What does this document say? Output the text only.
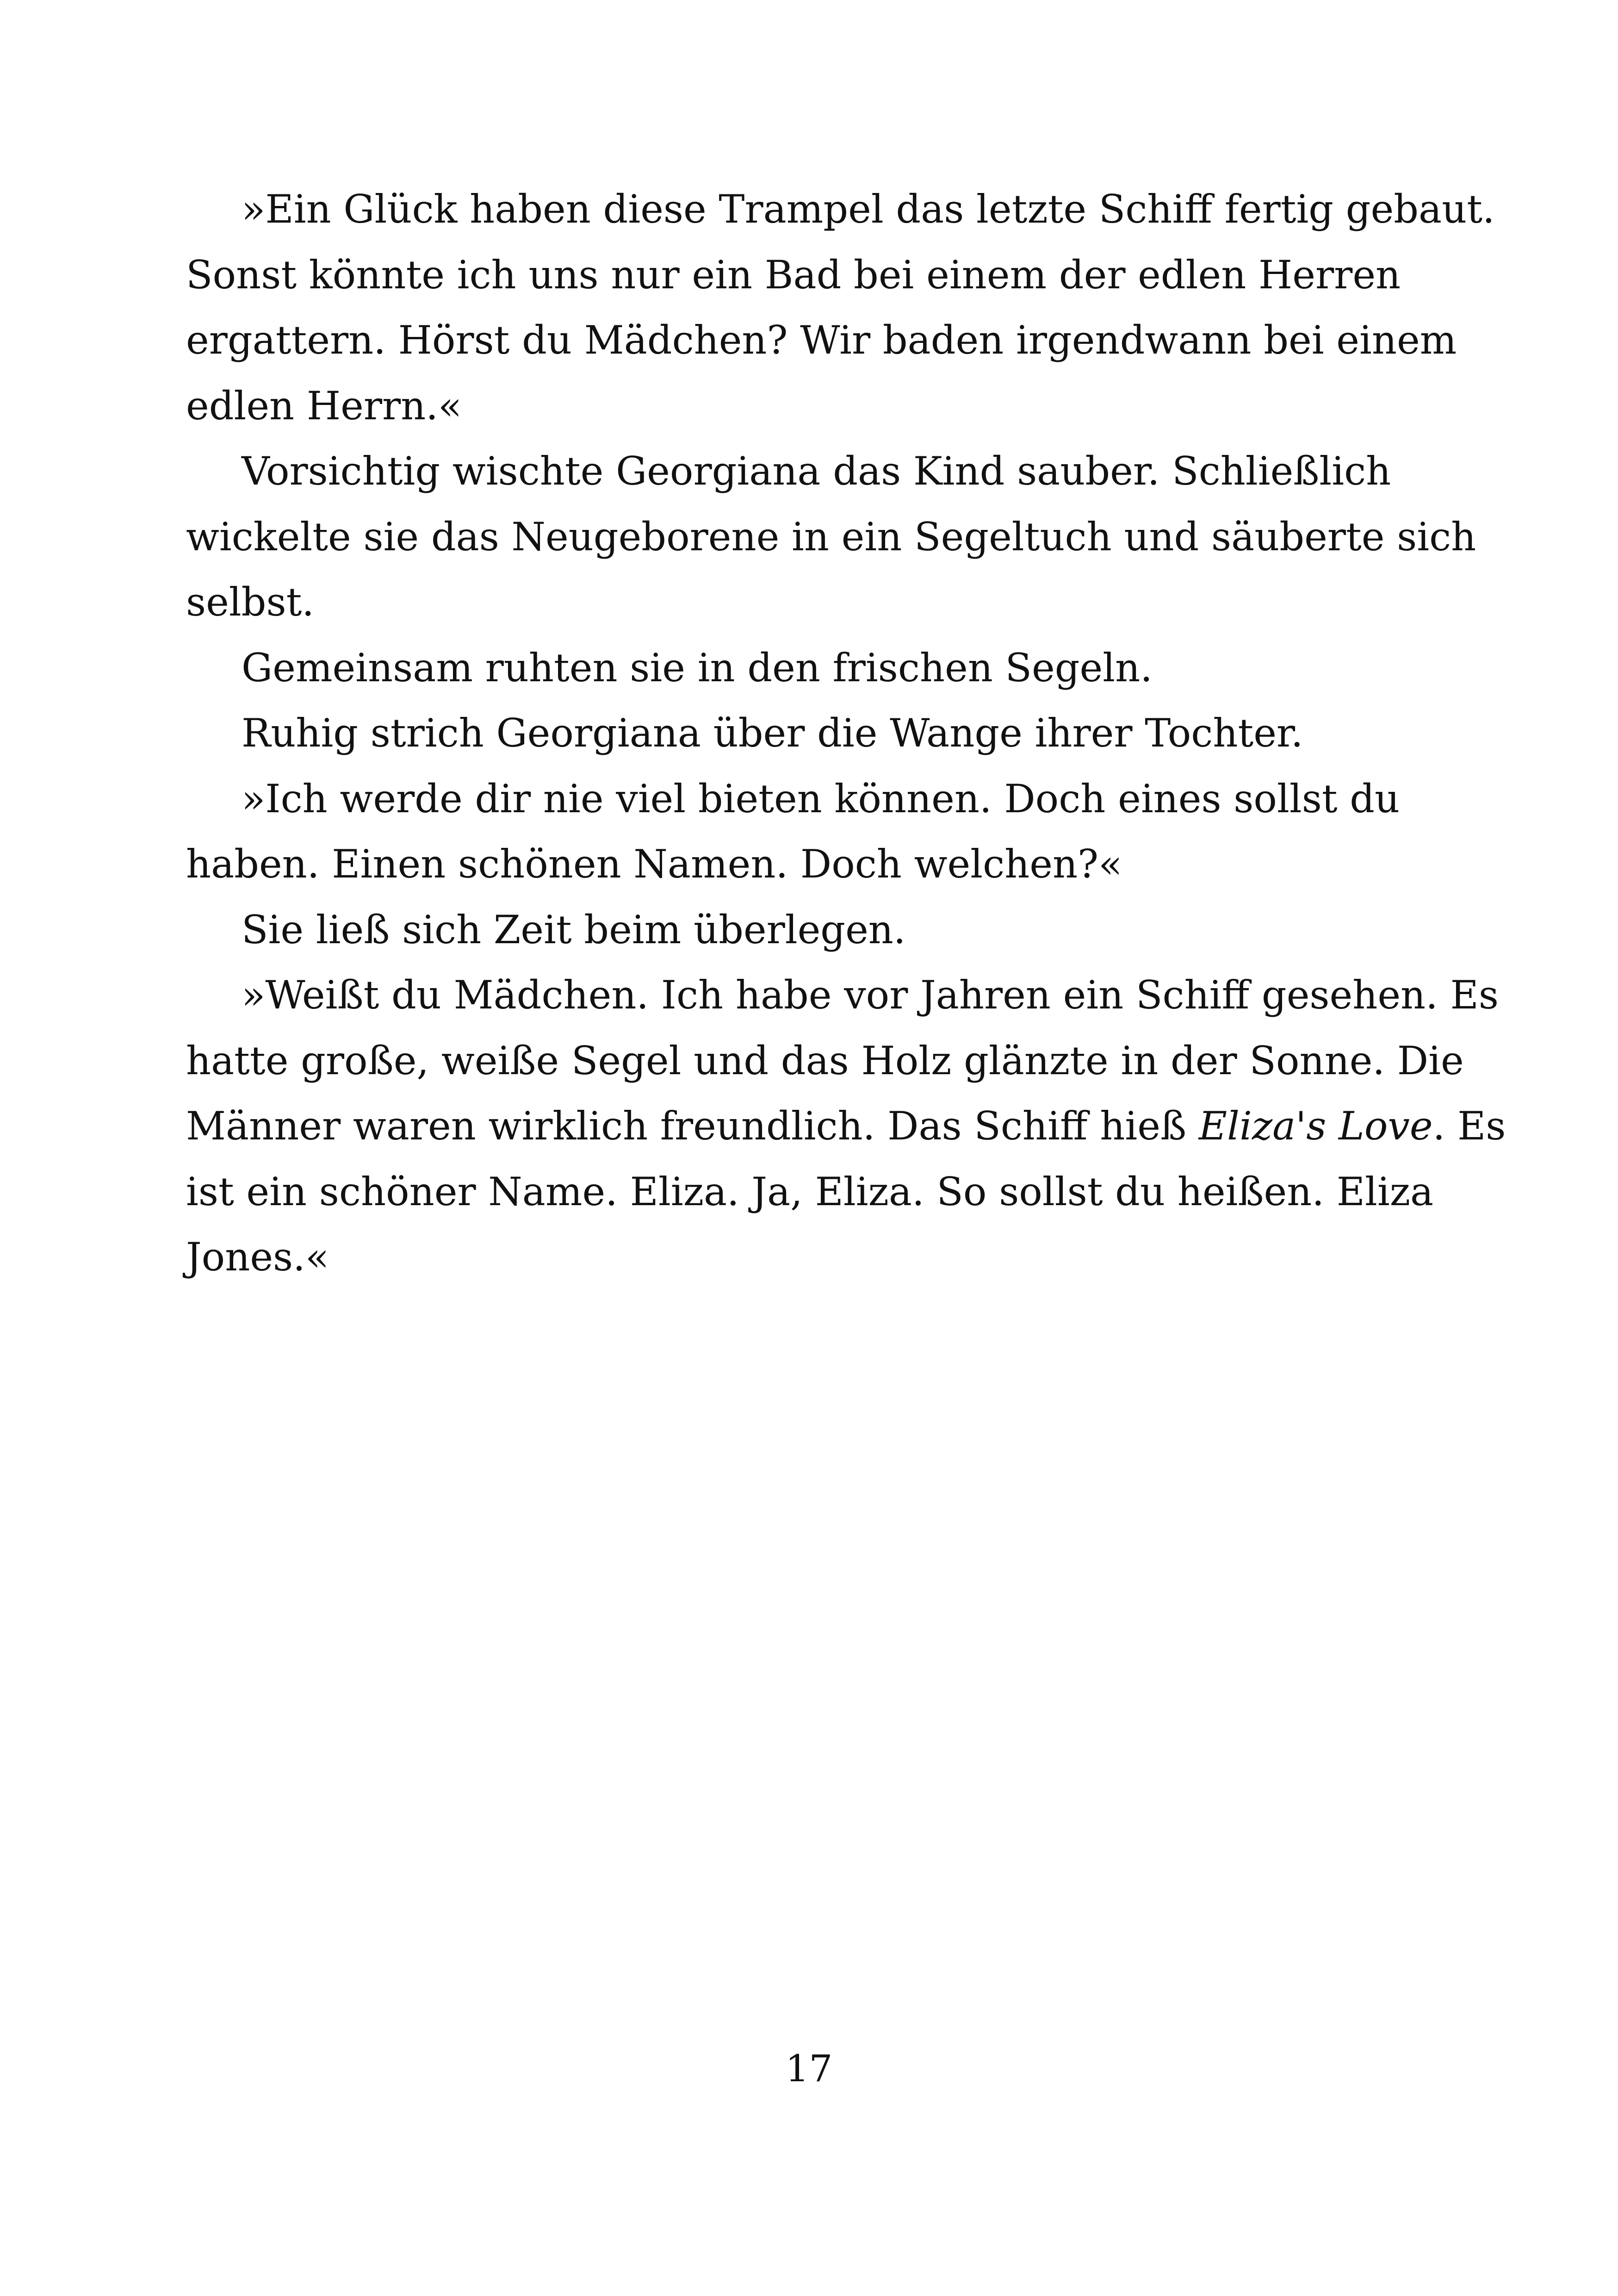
»Ein Glück haben diese Trampel das letzte Schiff fertig gebaut.

Sonst könnte ich uns nur ein Bad bei einem der edlen Herren

ergattern. Hörst du Mädchen? Wir baden irgendwann bei einem

edlen Herrn.«

Vorsichtig wischte Georgiana das Kind sauber. Schließlich

wickelte sie das Neugeborene in ein Segeltuch und säuberte sich

selbst.

Gemeinsam ruhten sie in den frischen Segeln.

Ruhig strich Georgiana über die Wange ihrer Tochter.

»Ich werde dir nie viel bieten können. Doch eines sollst du

haben. Einen schönen Namen. Doch welchen?«

Sie ließ sich Zeit beim überlegen.

»Weißt du Mädchen. Ich habe vor Jahren ein Schiff gesehen. Es

hatte große, weiße Segel und das Holz glänzte in der Sonne. Die

Männer waren wirklich freundlich. Das Schiff hieß Eliza's Love. Es

ist ein schöner Name. Eliza. Ja, Eliza. So sollst du heißen. Eliza

Jones.«

17
